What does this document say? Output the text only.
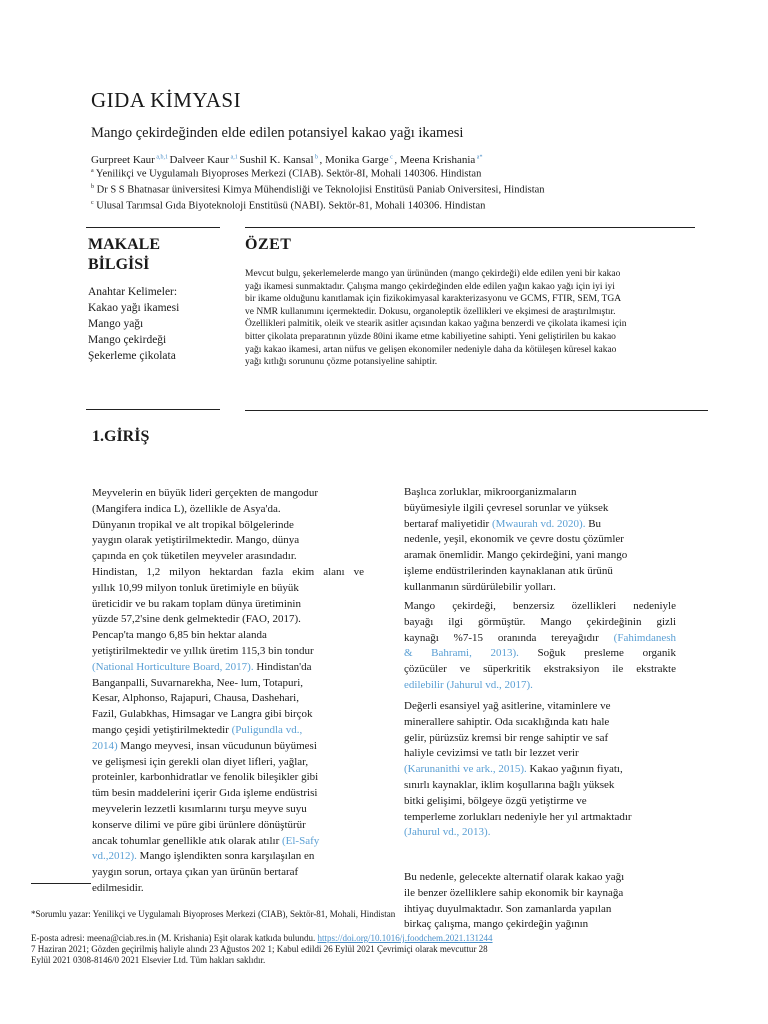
GIDA KİMYASI
Mango çekirdeğinden elde edilen potansiyel kakao yağı ikamesi
Gurpreet Kaur $^{a,b,1}$ Dalveer Kaur $^{a,1}$ Sushil K. Kansal $^b$ , Monika Garge $^c$ , Meena Krishania $^{a*}$
$^a$ Yenilikçi ve Uygulamalı Biyoproses Merkezi (CIAB). Sektör-8I, Mohali 140306. Hindistan
$^b$ Dr S S Bhatnasar üniversitesi Kimya Mühendisliği ve Teknolojisi Enstitüsü Paniab Oniversitesi, Hindistan
$^c$ Ulusal Tarımsal Gıda Biyoteknoloji Enstitüsü (NABI). Sektör-81, Mohali 140306. Hindistan
MAKALE
BİLGİSİ
Anahtar Kelimeler:
Kakao yağı ikamesi
Mango yağı
Mango çekirdeği
Şekerleme çikolata
ÖZET
Mevcut bulgu, şekerlemelerde mango yan ürününden (mango çekirdeği) elde edilen yeni bir kakao
yağı ikamesi sunmaktadır. Çalışma mango çekirdeğinden elde edilen yağın kakao yağı için iyi iyi
bir ikame olduğunu kanıtlamak için fizikokimyasal karakterizasyonu ve GCMS, FTIR, SEM, TGA
ve NMR kullanımını içermektedir. Dokusu, organoleptik özellikleri ve ekşimesi de araştırılmıştır.
Özellikleri palmitik, oleik ve stearik asitler açısından kakao yağına benzerdi ve çikolata ikamesi için
bitter çikolata preparatının yüzde 80ini ikame etme kabiliyetine sahipti. Yeni geliştirilen bu kakao
yağı kakao ikamesi, artan nüfus ve gelişen ekonomiler nedeniyle daha da kötüleşen küresel kakao
yağı kıtlığı sorununu çözme potansiyeline sahiptir.
1.GİRİŞ
Meyvelerin en büyük lideri gerçekten de mangodur
(Mangifera indica L), özellikle de Asya'da.
Dünyanın tropikal ve alt tropikal bölgelerinde
yaygın olarak yetiştirilmektedir. Mango, dünya
çapında en çok tüketilen meyveler arasındadır.
Hindistan, 1,2 milyon hektardan fazla ekim alanı ve
yıllık 10,99 milyon tonluk üretimiyle en büyük
üreticidir ve bu rakam toplam dünya üretiminin
yüzde 57,2'sine denk gelmektedir (FAO, 2017).
Pencap'ta mango 6,85 bin hektar alanda
yetiştirilmektedir ve yıllık üretim 115,3 bin tondur
(National Horticulture Board, 2017). Hindistan'da
Banganpalli, Suvarnarekha, Nee- lum, Totapuri,
Kesar, Alphonso, Rajapuri, Chausa, Dashehari,
Fazil, Gulabkhas, Himsagar ve Langra gibi birçok
mango çeşidi yetiştirilmektedir (Puligundla vd.,
2014) Mango meyvesi, insan vücudunun büyümesi
ve gelişmesi için gerekli olan diyet lifleri, yağlar,
proteinler, karbonhidratlar ve fenolik bileşikler gibi
tüm besin maddelerini içerir Gıda işleme endüstrisi
meyvelerin lezzetli kısımlarını turşu meyve suyu
konserve dilimi ve püre gibi ürünlere dönüştürür
ancak tohumlar genellikle atık olarak atılır (El-Safy
vd.,2012). Mango işlendikten sonra karşılaşılan en
yaygın sorun, ortaya çıkan yan ürünün bertaraf
edilmesidir.
Başlıca zorluklar, mikroorganizmaların
büyümesiyle ilgili çevresel sorunlar ve yüksek
bertaraf maliyetidir (Mwaurah vd. 2020). Bu
nedenle, yeşil, ekonomik ve çevre dostu çözümler
aramak önemlidir. Mango çekirdeğini, yani mango
işleme endüstrilerinden kaynaklanan atık ürünü
kullanmanın sürdürülebilir yolları.
Mango çekirdeği, benzersiz özellikleri nedeniyle
bayağı ilgi görmüştür. Mango çekirdeğinin gizli
kaynağı %7-15 oranında tereyağıdır (Fahimdanesh
& Bahrami, 2013). Soğuk presleme organik
çözücüler ve süperkritik ekstraksiyon ile ekstrakte
edilebilir (Jahurul vd., 2017).
Değerli esansiyel yağ asitlerine, vitaminlere ve
minerallere sahiptir. Oda sıcaklığında katı hale
gelir, pürüzsüz kremsi bir renge sahiptir ve saf
haliyle cevizimsi ve tatlı bir lezzet verir
(Karunanithi ve ark., 2015). Kakao yağının fiyatı,
sınırlı kaynaklar, iklim koşullarına bağlı yüksek
bitki gelişimi, bölgeye özgü yetiştirme ve
temperleme zorlukları nedeniyle her yıl artmaktadır
(Jahurul vd., 2013).
Bu nedenle, gelecekte alternatif olarak kakao yağı
ile benzer özelliklere sahip ekonomik bir kaynağa
ihtiyaç duyulmaktadır. Son zamanlarda yapılan
birkaç çalışma, mango çekirdeğin yağının
*Sorumlu yazar: Yenilikçi ve Uygulamalı Biyoproses Merkezi (CIAB), Sektör-81, Mohali, Hindistan
E-posta adresi: meena@ciab.res.in (M. Krishania) Eşit olarak katkıda bulundu. https://doi.org/10.1016/j.foodchem.2021.131244
7 Haziran 2021; Gözden geçirilmiş haliyle alındı 23 Ağustos 202 1; Kabul edildi 26 Eylül 2021 Çevrimiçi olarak mevcuttur 28
Eylül 2021 0308-8146/0 2021 Elsevier Ltd. Tüm hakları saklıdır.
